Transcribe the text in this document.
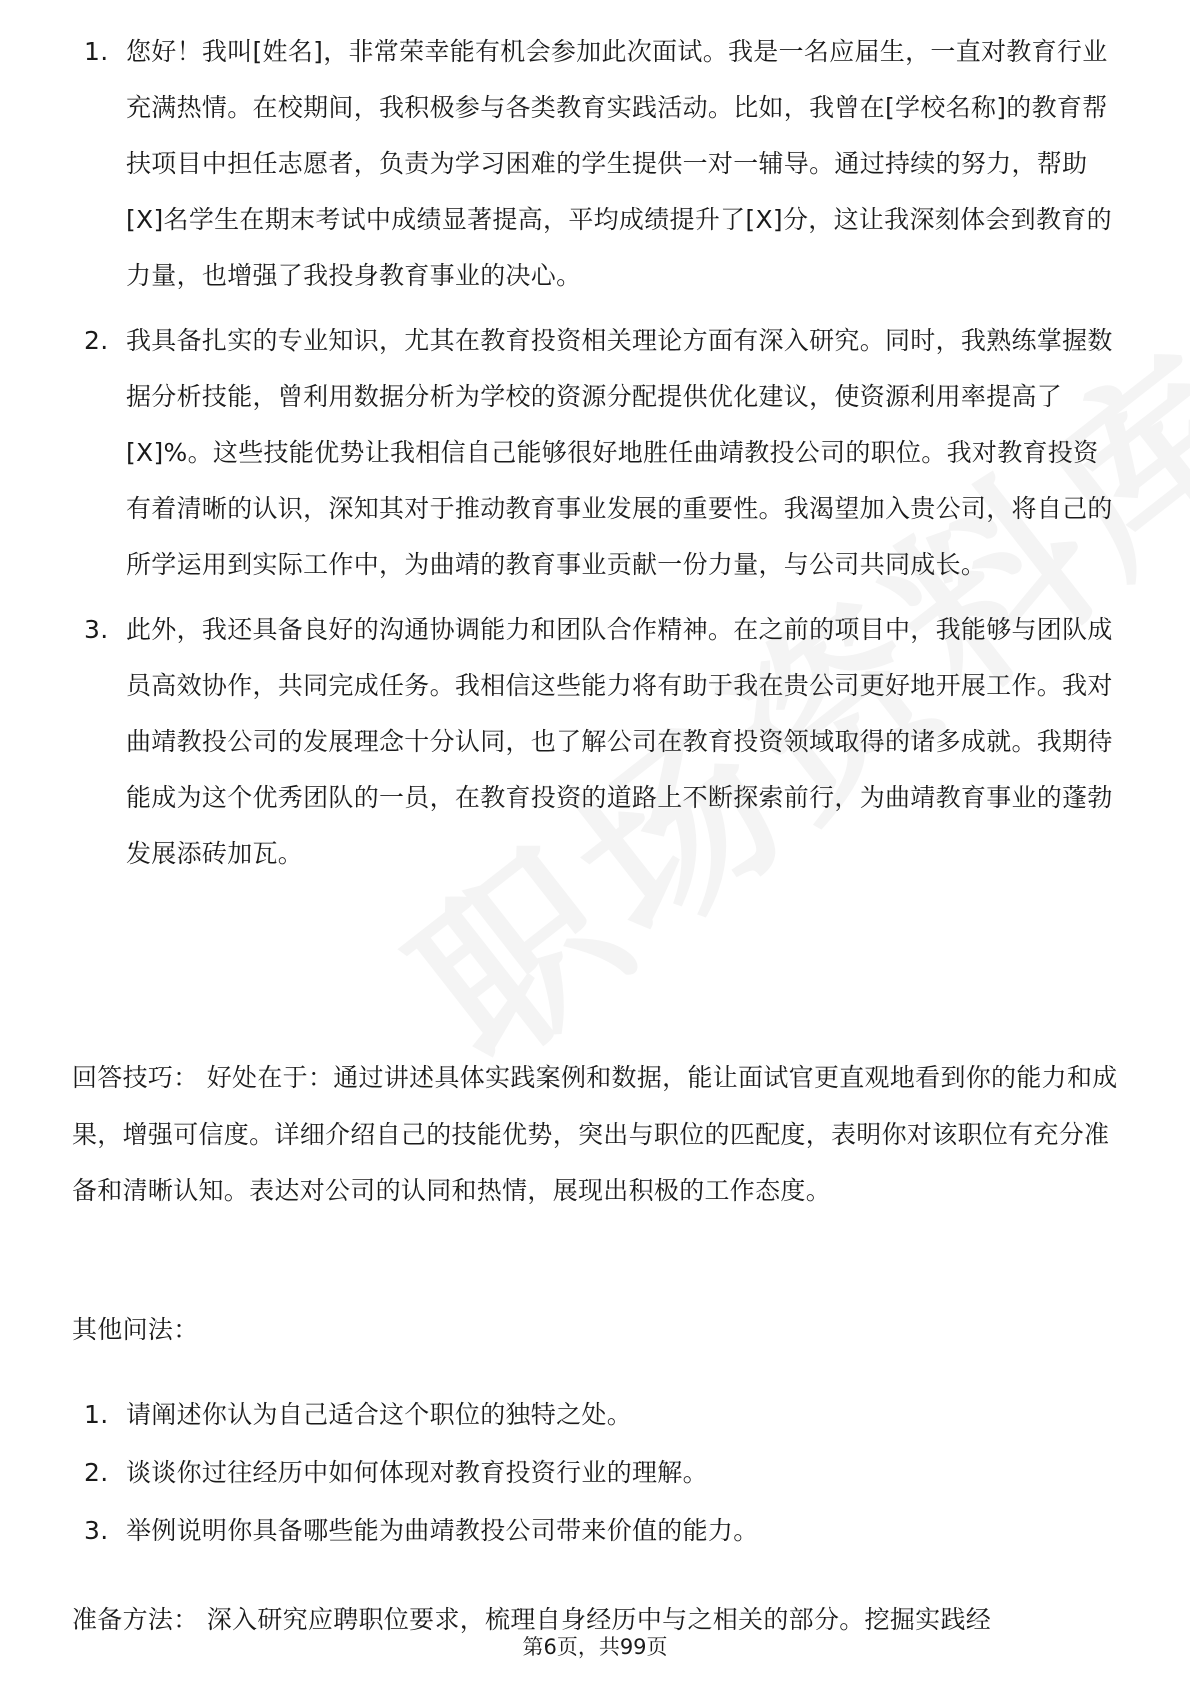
1. 您好！我叫[姓名]，非常荣幸能有机会参加此次面试。我是一名应届生，一直对教育行业充满热情。在校期间，我积极参与各类教育实践活动。比如，我曾在[学校名称]的教育帮扶项目中担任志愿者，负责为学习困难的学生提供一对一辅导。通过持续的努力，帮助[X]名学生在期末考试中成绩显著提高，平均成绩提升了[X]分，这让我深刻体会到教育的力量，也增强了我投身教育事业的决心。
2. 我具备扎实的专业知识，尤其在教育投资相关理论方面有深入研究。同时，我熟练掌握数据分析技能，曾利用数据分析为学校的资源分配提供优化建议，使资源利用率提高了[X]%。这些技能优势让我相信自己能够很好地胜任曲靖教投公司的职位。我对教育投资有着清晰的认识，深知其对于推动教育事业发展的重要性。我渴望加入贵公司，将自己的所学运用到实际工作中，为曲靖的教育事业贡献一份力量，与公司共同成长。
3. 此外，我还具备良好的沟通协调能力和团队合作精神。在之前的项目中，我能够与团队成员高效协作，共同完成任务。我相信这些能力将有助于我在贵公司更好地开展工作。我对曲靖教投公司的发展理念十分认同，也了解公司在教育投资领域取得的诸多成就。我期待能成为这个优秀团队的一员，在教育投资的道路上不断探索前行，为曲靖教育事业的蓬勃发展添砖加瓦。

回答技巧： 好处在于：通过讲述具体实践案例和数据，能让面试官更直观地看到你的能力和成果，增强可信度。详细介绍自己的技能优势，突出与职位的匹配度，表明你对该职位有充分准备和清晰认知。表达对公司的认同和热情，展现出积极的工作态度。

其他问法：

1. 请阐述你认为自己适合这个职位的独特之处。
2. 谈谈你过往经历中如何体现对教育投资行业的理解。
3. 举例说明你具备哪些能为曲靖教投公司带来价值的能力。

准备方法： 深入研究应聘职位要求，梳理自身经历中与之相关的部分。挖掘实践经

第6页，共99页
